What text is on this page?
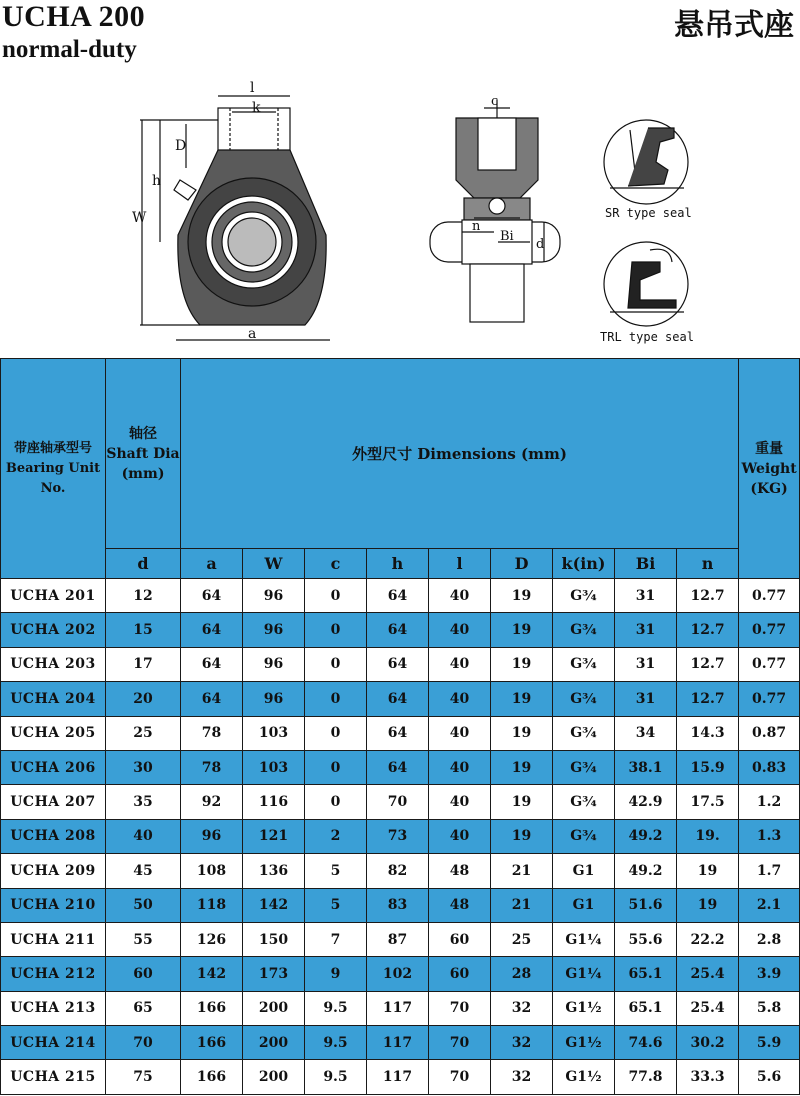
UCHA 200
normal-duty
悬吊式座
l
k
D
h
W
a
c
n
Bi
d
SR type seal
TRL type seal
带座轴承型号
Bearing Unit
No.	轴径
Shaft Dia
(mm)	外型尺寸 Dimensions (mm)									重量
Weight
(KG)

	d	a	W	c	h	l	D	k(in)	Bi	n	
UCHA 201	12	64	96	0	64	40	19	G¾	31	12.7	0.77
UCHA 202	15	64	96	0	64	40	19	G¾	31	12.7	0.77
UCHA 203	17	64	96	0	64	40	19	G¾	31	12.7	0.77
UCHA 204	20	64	96	0	64	40	19	G¾	31	12.7	0.77
UCHA 205	25	78	103	0	64	40	19	G¾	34	14.3	0.87
UCHA 206	30	78	103	0	64	40	19	G¾	38.1	15.9	0.83
UCHA 207	35	92	116	0	70	40	19	G¾	42.9	17.5	1.2
UCHA 208	40	96	121	2	73	40	19	G¾	49.2	19.	1.3
UCHA 209	45	108	136	5	82	48	21	G1	49.2	19	1.7
UCHA 210	50	118	142	5	83	48	21	G1	51.6	19	2.1
UCHA 211	55	126	150	7	87	60	25	G1¼	55.6	22.2	2.8
UCHA 212	60	142	173	9	102	60	28	G1¼	65.1	25.4	3.9
UCHA 213	65	166	200	9.5	117	70	32	G1½	65.1	25.4	5.8
UCHA 214	70	166	200	9.5	117	70	32	G1½	74.6	30.2	5.9
UCHA 215	75	166	200	9.5	117	70	32	G1½	77.8	33.3	5.6
